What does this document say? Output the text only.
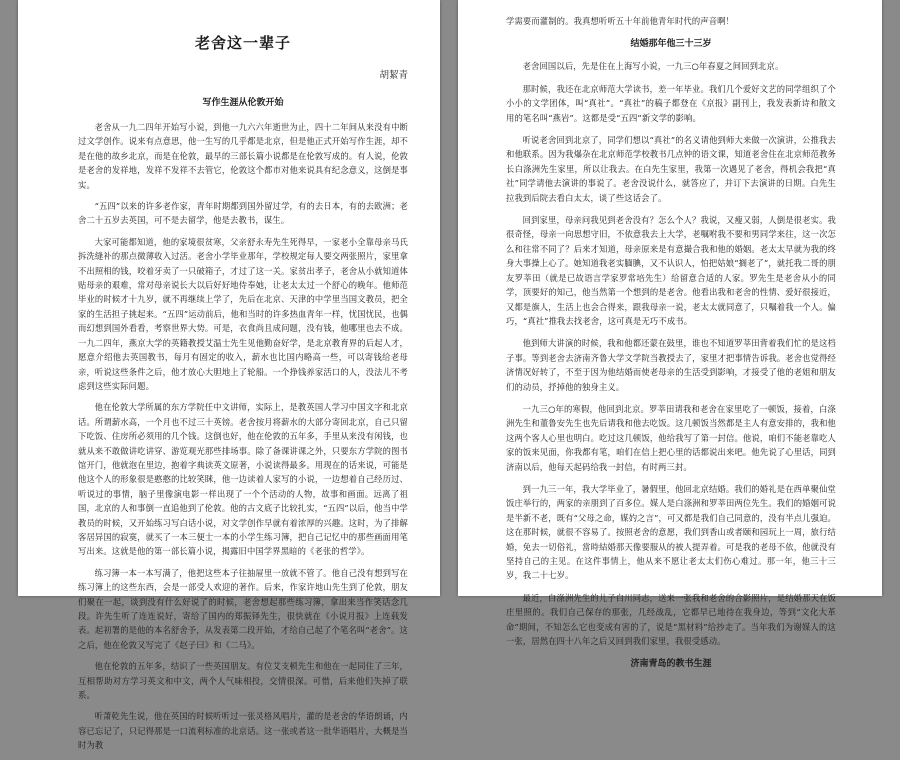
老舍这一辈子
胡絜青
写作生涯从伦敦开始

老舍从一九二四年开始写小说，到他一九六六年逝世为止，四十二年间从来没有中断过文学创作。说来有点意思，他一生写的几乎都是北京，但是他正式开始写作生涯，却不是在他的故乡北京，而是在伦敦，最早的三部长篇小说都是在伦敦写成的。有人说，伦敦是老舍的发祥地，发祥不发祥不去管它，伦敦这个都市对他来说具有纪念意义，这倒是事实。

“五四”以来的许多老作家，青年时期都到国外留过学，有的去日本，有的去欧洲；老舍二十五岁去英国，可不是去留学，他是去教书，谋生。

大家可能都知道，他的家境很贫寒，父亲舒永寿先生死得早，一家老小全靠母亲马氏拆洗缝补的那点微薄收入过活。老舍小学毕业那年，学校规定每人要交两张照片，家里拿不出照相的钱，咬着牙卖了一只破箱子，才过了这一关。家贫出孝子，老舍从小就知道体贴母亲的艰难，常对母亲说长大以后好好地侍奉她，让老太太过一个舒心的晚年。他师范毕业的时候才十九岁，就不再继续上学了，先后在北京、天津的中学里当国文教员，把全家的生活担子挑起来。“五四”运动前后，他和当时的许多热血青年一样，忧国忧民，也偶而幻想到国外看看，考察世界大势。可是，衣食尚且成问题，没有钱，他哪里也去不成。一九二四年，燕京大学的英籍教授艾温士先生见他勤奋好学，是北京教育界的后起人才，愿意介绍他去英国教书，每月有固定的收入，薪水也比国内略高一些，可以寄钱给老母亲，听说这些条件之后，他才放心大胆地上了轮船。一个挣钱养家活口的人，没法儿不考虑到这些实际问题。

他在伦敦大学所属的东方学院任中文讲师，实际上，是教英国人学习中国文字和北京话。所谓薪水高，一个月也不过三十英镑。老舍按月将薪水的大部分寄回北京，自己只留下吃饭、住房所必须用的几个钱。这倒也好，他在伦敦的五年多，手里从来没有闲钱，也就从来不敢做讲吃讲穿、游览观光那些排场事。除了备课讲课之外，只要东方学院的图书馆开门，他就泡在里边，抱着字典读英文原著，小说读得最多。用现在的话来说，可能是他这个人的形象很是憨憨的比较笑眯，他一边读着人家写的小说，一边想着自己经历过、听说过的事情，脑子里像演电影一样出现了一个个活动的人物，故事和画面。远离了祖国，北京的人和事倒一直追他到了伦敦。他的古文底子比较扎实，“五四”以后，他当中学教员的时候，又开始练习写白话小说，对文学创作早就有着浓厚的兴趣。这时，为了排解客居异国的寂寞，就买了一本三便士一本的小学生练习簿，把自己记忆中的那些画面用笔写出来。这就是他的第一部长篇小说，揭露旧中国学界黑暗的《老张的哲学》。

练习簿一本一本写满了，他把这些本子往抽屉里一放就不管了。他自己没有想到写在练习簿上的这些东西，会是一部受人欢迎的著作。后来，作家许地山先生到了伦敦，朋友们聚在一起，谈到没有什么好说了的时候，老舍想起那些练习簿，拿出来当作笑话念几段。许先生听了连连说好，寄给了国内的郑振铎先生，很快就在《小说月报》上连载发表。起初署的是他的本名舒舍予，从发表第二段开始，才给自己起了个笔名叫“老舍”。这之后，他在伦敦又写完了《赵子曰》和《二马》。

他在伦敦的五年多，结识了一些英国朋友。有位艾支顿先生和他在一起同住了三年，互相帮助对方学习英文和中文，两个人气味相投，交情很深。可惜，后来他们失掉了联系。

听萧乾先生说，他在英国的时候听听过一张灵格风唱片，灌的是老舍的华语朗诵，内容已忘记了，只记得那是一口流利标准的北京话。这一张或者这一批华语唱片，大概是当时为教

学需要而灌制的。我真想听听五十年前他青年时代的声音啊！

结婚那年他三十三岁

老舍回国以后，先是住在上海写小说，一九三○年春夏之间回到北京。

那时候，我还在北京师范大学读书，差一年毕业。我们几个爱好文艺的同学组织了个小小的文学团体，叫“真社”。“真社”的稿子都登在《京报》副刊上，我发表新诗和散文用的笔名叫“燕岩”。这都是受“五四”新文学的影响。

听说老舍回到北京了，同学们想以“真社”的名义请他到师大来做一次演讲，公推我去和他联系。因为我爆杂在北京师范学校教书几点钟的语文课，知道老舍住在北京师范教务长白涤洲先生家里，所以让我去。在白先生家里，我第一次遇见了老舍，得机会我把“真社”同学请他去演讲的事说了。老舍没说什么，就答应了，并订下去演讲的日期。白先生拉我到后院去看白太太，谈了些这话会了。

回到家里，母亲问我见到老舍没有？怎么个人？我说，又瘦又弱，人倒是很老实。我很奇怪，母亲一向思想守旧，不依意我去上大学，老嘱咐我不要和男同学来往，这一次怎么和往常不同了？后来才知道，母亲原来是有意撮合我和他的婚姻。老太太早就为我的终身大事操上心了。她知道我老实腼腆，又不认识人，怕把姑娘“搁老了”，就托我二哥的朋友罗莘田（就是已故语言学家罗常培先生）给留意合适的人家。罗先生是老舍从小的同学，顶要好的知己，他当然第一个想到的是老舍。他看出我和老舍的性情、爱好很接近，又都是旗人，生活上也会合得来，跟我母亲一说，老太太就同意了，只嘱着我一个人。偏巧，“真社”推我去找老舍，这可真是无巧不成书。

他到师大讲演的时候，我和他都还蒙在鼓里，谁也不知道罗莘田背着我们忙的是这档子事。等到老舍去济南齐鲁大学文学院当教授去了，家里才把事情告诉我。老舍也觉得经济情况好转了，不至于因为他结婚而使老母亲的生活受到影响，才接受了他的老姐和朋友们的动员，抒掉他的独身主义。

一九三○年的寒假，他回到北京。罗莘田请我和老舍在家里吃了一顿饭，接着，白涤洲先生和董鲁安先生也先后请我和他去吃饭。这几顿饭当然都是主人有意安排的，我和他这两个客人心里也明白。吃过这几顿饭，他给我写了第一封信。他说，咱们不能老靠吃人家的饭来见面，你我都有笔，咱们在信上把心里的话都说出来吧。他先说了心里话，同到济南以后，他每天起码给我一封信，有时两三封。

到一九三一年，我大学毕业了，暑假里，他回北京结婚。我们的婚礼是在西单聚仙堂饭庄举行的，两家的亲朋到了百多位。媒人是白涤洲和罗莘田两位先生。我们的婚姻可说是半新不老，既有“父母之命，媒妁之言”，可又都是我们自己同意的，没有半点儿强迫。这在那时候，就很不容易了。按照老舍的意愿，我们到香山或者颐和园玩上一周，旅行结婚，免去一切俗礼，當時結婚那天像要服从的被人提弄着。可是我的老母不依，他就没有坚持自己的主见。在这件事情上，他从来不愿让老太太们伤心难过。那一年，他三十三岁，我二十七岁。

最近，白涤洲先生的儿子白川同志，送来一张我和老舍的合影照片，是结婚那天在饭庄里照的。我们自己保存的那张，几经战乱，它都早已地待在我身边，等到“文化大革命”期间，不知怎么它也变成有害的了，说是“黑材料”给抄走了。当年我们为谢媒人的这一张，居然在四十八年之后又回到我们家里，我很受感动。

济南青岛的教书生涯
